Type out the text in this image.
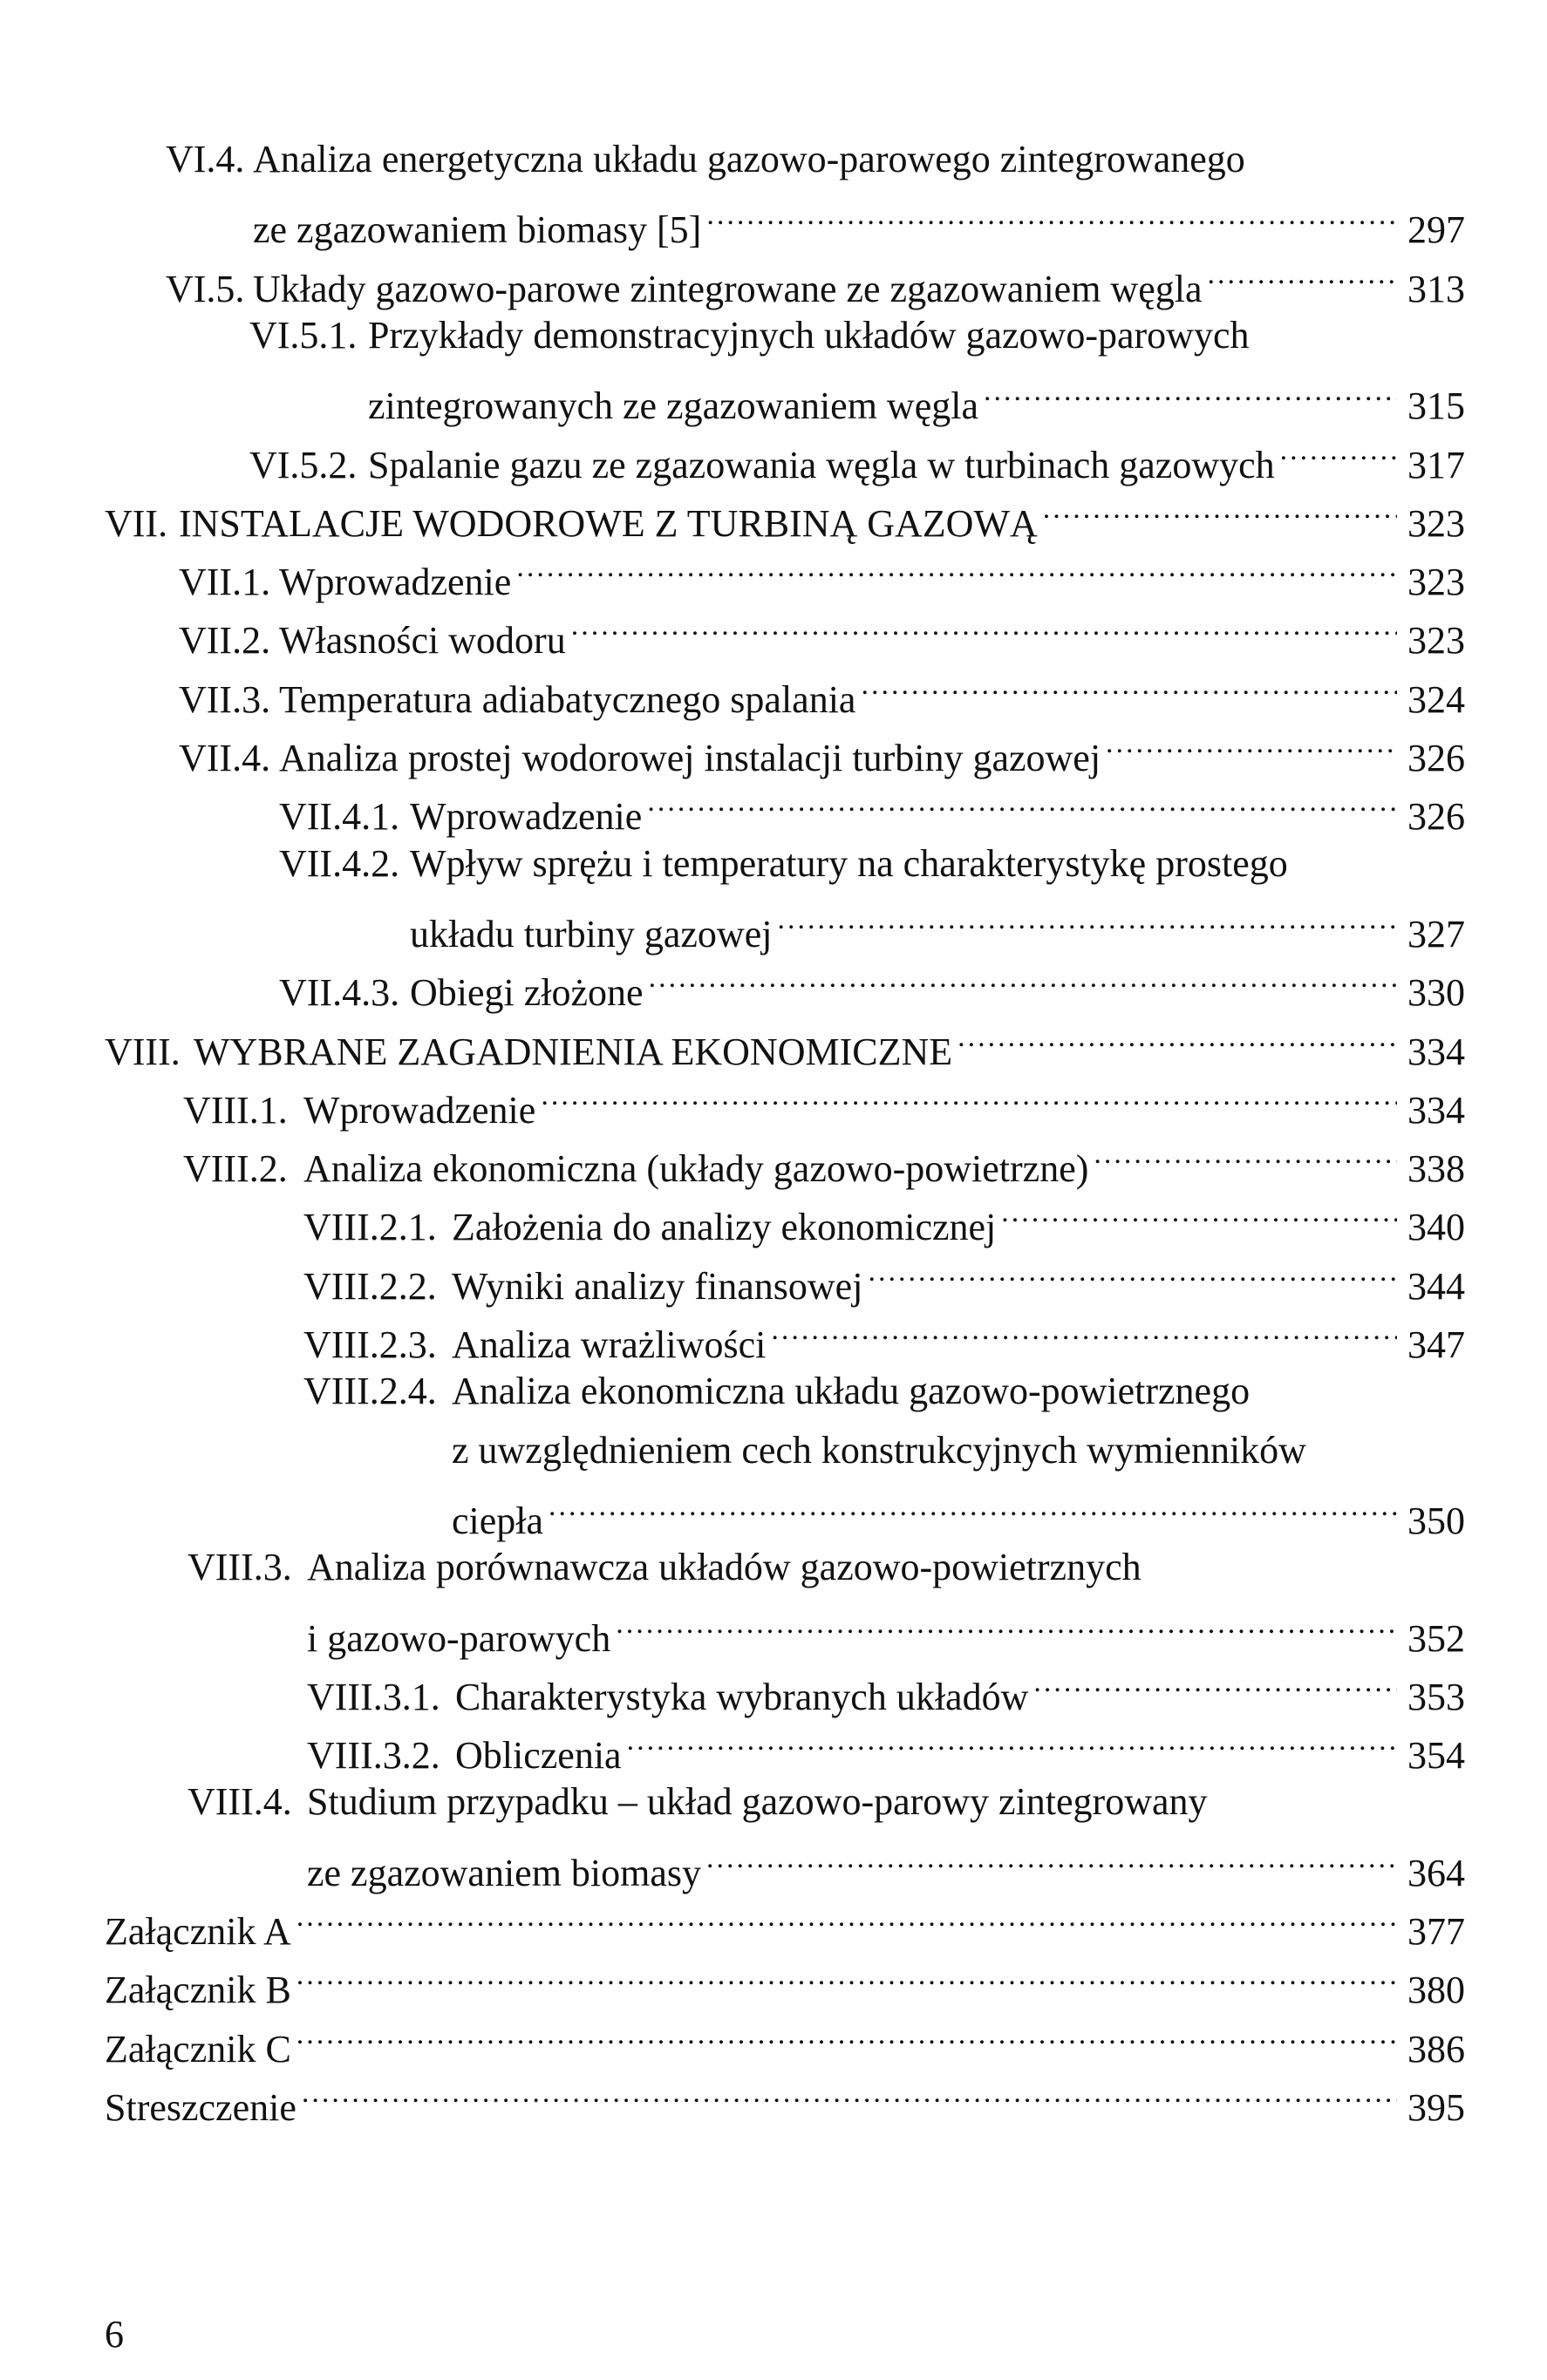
VI.4. Analiza energetyczna układu gazowo-parowego zintegrowanego
ze zgazowaniem biomasy [5] .....	297
VI.5. Układy gazowo-parowe zintegrowane ze zgazowaniem węgla .....	313
VI.5.1. Przykłady demonstracyjnych układów gazowo-parowych
zintegrowanych ze zgazowaniem węgla .....	315
VI.5.2. Spalanie gazu ze zgazowania węgla w turbinach gazowych .....	317
VII. INSTALACJE WODOROWE Z TURBINĄ GAZOWĄ .....	323
VII.1. Wprowadzenie .....	323
VII.2. Własności wodoru .....	323
VII.3. Temperatura adiabatycznego spalania .....	324
VII.4. Analiza prostej wodorowej instalacji turbiny gazowej .....	326
VII.4.1. Wprowadzenie .....	326
VII.4.2. Wpływ sprężu i temperatury na charakterystykę prostego
układu turbiny gazowej .....	327
VII.4.3. Obiegi złożone .....	330
VIII. WYBRANE ZAGADNIENIA EKONOMICZNE .....	334
VIII.1. Wprowadzenie .....	334
VIII.2. Analiza ekonomiczna (układy gazowo-powietrzne) .....	338
VIII.2.1. Założenia do analizy ekonomicznej .....	340
VIII.2.2. Wyniki analizy finansowej .....	344
VIII.2.3. Analiza wrażliwości .....	347
VIII.2.4. Analiza ekonomiczna układu gazowo-powietrznego
z uwzględnieniem cech konstrukcyjnych wymienników
ciepła .....	350
VIII.3. Analiza porównawcza układów gazowo-powietrznych
i gazowo-parowych .....	352
VIII.3.1. Charakterystyka wybranych układów .....	353
VIII.3.2. Obliczenia .....	354
VIII.4. Studium przypadku – układ gazowo-parowy zintegrowany
ze zgazowaniem biomasy .....	364
Załącznik A .....	377
Załącznik B .....	380
Załącznik C .....	386
Streszczenie .....	395
6
